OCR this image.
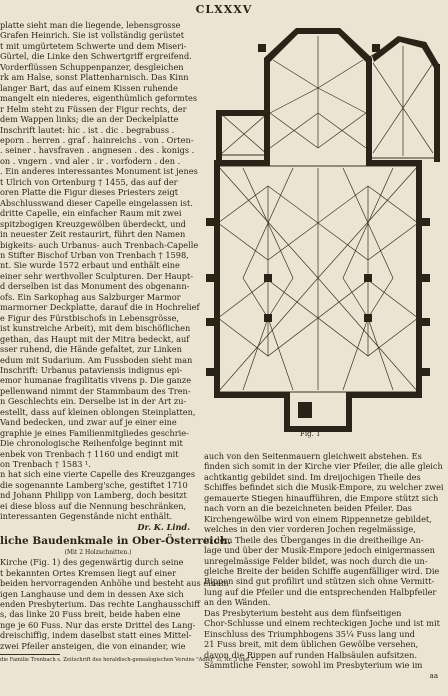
CLXXXV

platte sieht man die liegende, lebensgrosse

Grafen Heinrich. Sie ist vollständig gerüstet

t mit umgürtetem Schwerte und dem Miseri-

Gürtel, die Linke den Schwertgriff ergreifend.

Vorderflüssen Schuppenpanzer, desgleichen

rk am Halse, sonst Plattenharnisch. Das Kinn

langer Bart, das auf einem Kissen ruhende

mangelt ein niederes, eigenthümlich geformtes

r Helm steht zu Füssen der Figur rechts, der

dem Wappen links; die an der Deckelplatte

Inschrift lautet: hic . ist . dic . begrabuss .

eporn . herren . graf . hainreichs . von . Orten-

. seiner . havsfraven . angnesen . des . konigs .

on . vngern . vnd aler . ir . vorfodern . den .

. Ein anderes interessantes Monument ist jenes

t Ulrich von Ortenburg † 1455, das auf der

oren Platte die Figur dieses Priesters zeigt

Abschlusswand dieser Capelle eingelassen ist.

dritte Capelle, ein einfacher Raum mit zwei

spitzbogigen Kreuzgewölben überdeckt, und

in neuester Zeit restaurirt, führt den Namen

bigkeits- auch Urbanus- auch Trenbach-Capelle

n Stifter Bischof Urban von Trenbach † 1598,

nt. Sie wurde 1572 erbaut und enthält eine

einer sehr werthvoller Sculpturen. Der Haupt-

d derselben ist das Monument des obgenann-

ofs. Ein Sarkophag aus Salzburger Marmor

marmorner Deckplatte, darauf die in Hochrelief

e Figur des Fürstbischofs in Lebensgrösse,

ist kunstreiche Arbeit), mit dem bischöflichen

gethan, das Haupt mit der Mitra bedeckt, auf

sser ruhend, die Hände gefaltet, zur Linken

edum mit Sudarium. Am Fussboden sieht man

Inschrift: Urbanus pataviensis indignus epi-

emor humanae fragilitatis vivens p. Die ganze

pellenwand nimmt der Stammbaum des Tren-

n Geschlechts ein. Derselbe ist in der Art zu-

estellt, dass auf kleinen oblongen Steinplatten,

Vand bedecken, und zwar auf je einer eine

graphie je eines Familienmitgliedes geschrie-

Die chronologische Reihenfolge beginnt mit

enbek von Trenbach † 1160 und endigt mit

on Trenbach † 1583 ¹.

n hat sich eine vierte Capelle des Kreuzganges

die sogenannte Lamberg'sche, gestiftet 1710

nd Johann Philipp von Lamberg, doch besitzt

ei diese bloss auf die Nennung beschränken,

interessanten Gegenstände nicht enthält.

Dr. K. Lind.

liche Baudenkmale in Ober-Österreich.

(Mit 2 Holzschnitten.)

Kirche (Fig. 1) des gegenwärtig durch seine

t bekannten Ortes Kremsen liegt auf einer

beiden hervorragenden Anhöhe und besteht aus einem

igen Langhause und dem in dessen Axe sich

enden Presbyterium. Das rechte Langhausschiff

s, das linke 20 Fuss breit, beide haben eine

nge je 60 Fuss. Nur das erste Drittel des Lang-

dreischiffig, indem daselbst statt eines Mittel-

zwei Pfeiler ansteigen, die von einander, wie

die Familie Trenbach s. Zeitschrift des heraldisch-genealogischen Vereins "Adler" II, Nr. 3 und 7.

Fig. 1

auch von den Seitenmauern gleichweit abstehen. Es

finden sich somit in der Kirche vier Pfeiler, die alle gleich

achtkantig gebildet sind. Im dreijochigen Theile des

Schiffes befindet sich die Musik-Empore, zu welcher zwei

gemauerte Stiegen hinaufführen, die Empore stützt sich

nach vorn an die bezeichneten beiden Pfeiler. Das

Kirchengewölbe wird von einem Rippennetze gebildet,

welches in den vier vorderen Jochen regelmässige,

in dem Theile des Überganges in die dreitheilige An-

lage und über der Musik-Empore jedoch einigermassen

unregelmässige Felder bildet, was noch durch die un-

gleiche Breite der beiden Schiffe augenfälliger wird. Die

Rippen sind gut profilirt und stützen sich ohne Vermitt-

lung auf die Pfeiler und die entsprechenden Halbpfeiler

an den Wänden.

Das Presbyterium besteht aus dem fünfseitigen

Chor-Schlusse und einem rechteckigen Joche und ist mit

Einschluss des Triumphbogens 35¼ Fuss lang und

21 Fuss breit, mit dem üblichen Gewölbe versehen,

davon die Rippen auf runden Halbsäulen aufsitzen.

Sämmtliche Fenster, sowohl im Presbyterium wie im

aa
